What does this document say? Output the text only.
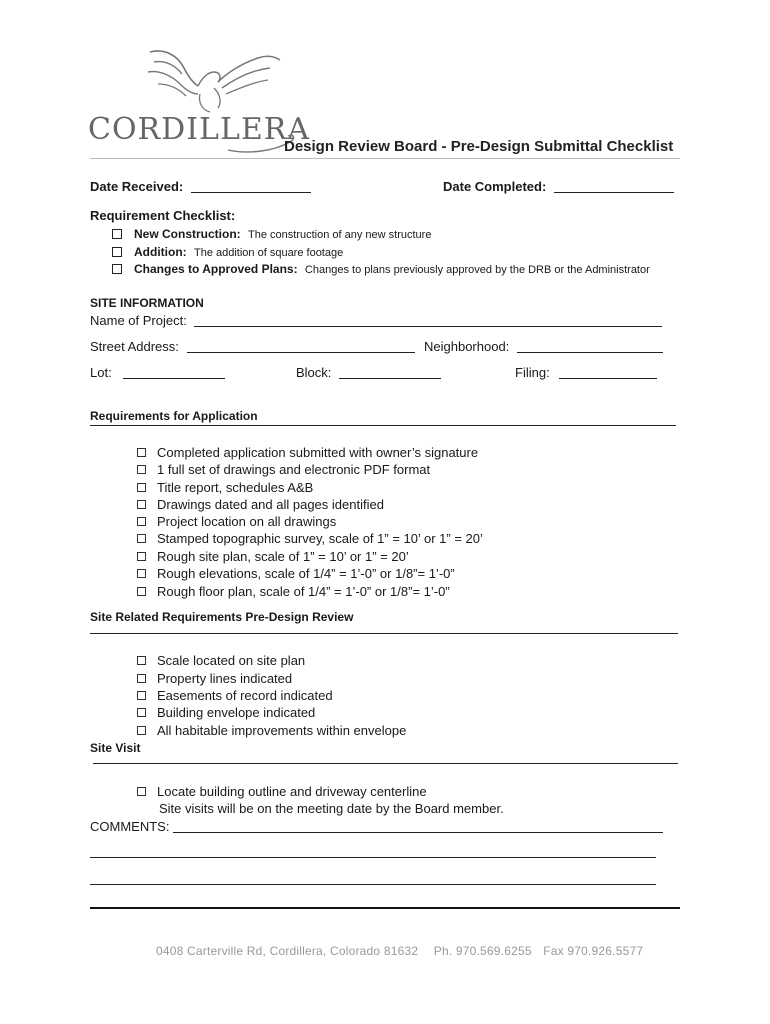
CORDILLERA
Design Review Board - Pre-Design Submittal Checklist
Date Received:	Date Completed:
Requirement Checklist:
New Construction: The construction of any new structure
Addition: The addition of square footage
Changes to Approved Plans: Changes to plans previously approved by the DRB or the Administrator
SITE INFORMATION
Name of Project:
Street Address:	Neighborhood:
Lot:	Block:	Filing:
Requirements for Application
Completed application submitted with owner’s signature
1 full set of drawings and electronic PDF format
Title report, schedules A&B
Drawings dated and all pages identified
Project location on all drawings
Stamped topographic survey, scale of 1” = 10’ or 1” = 20’
Rough site plan, scale of 1” = 10’ or 1” = 20’
Rough elevations, scale of 1/4” = 1’-0” or 1/8”= 1’-0”
Rough floor plan, scale of 1/4” = 1’-0” or 1/8”= 1’-0”
Site Related Requirements Pre-Design Review
Scale located on site plan
Property lines indicated
Easements of record indicated
Building envelope indicated
All habitable improvements within envelope
Site Visit
Locate building outline and driveway centerline
Site visits will be on the meeting date by the Board member.
COMMENTS:
0408 Carterville Rd, Cordillera, Colorado 81632 Ph. 970.569.6255 Fax 970.926.5577
